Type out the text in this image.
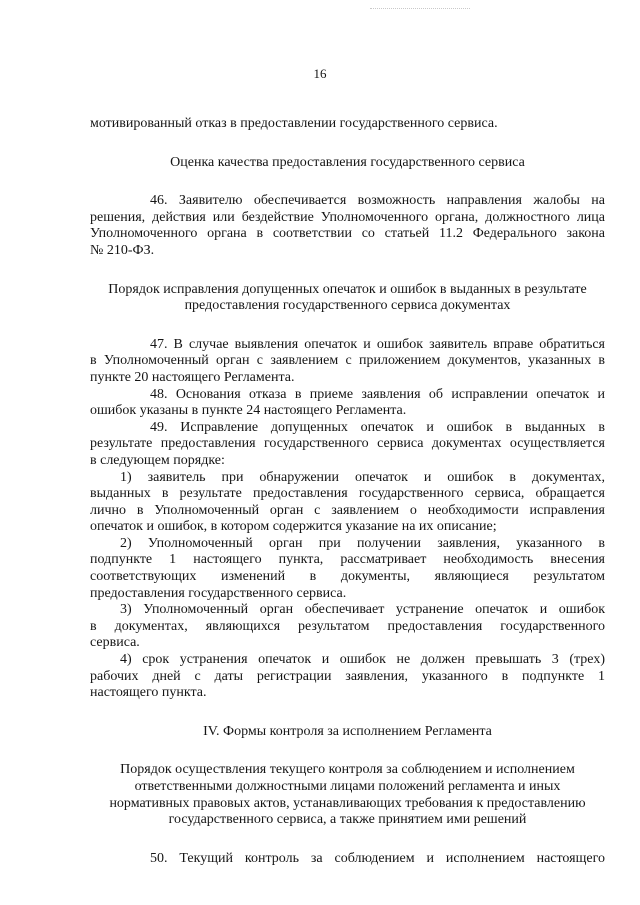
16

мотивированный отказ в предоставлении государственного сервиса.

Оценка качества предоставления государственного сервиса

46. Заявителю обеспечивается возможность направления жалобы на

решения, действия или бездействие Уполномоченного органа, должностного лица

Уполномоченного органа в соответствии со статьей 11.2 Федерального закона

№ 210-ФЗ.

Порядок исправления допущенных опечаток и ошибок в выданных в результате

предоставления государственного сервиса документах

47. В случае выявления опечаток и ошибок заявитель вправе обратиться

в Уполномоченный орган с заявлением с приложением документов, указанных в

пункте 20 настоящего Регламента.

48. Основания отказа в приеме заявления об исправлении опечаток и

ошибок указаны в пункте 24 настоящего Регламента.

49. Исправление допущенных опечаток и ошибок в выданных в

результате предоставления государственного сервиса документах осуществляется

в следующем порядке:

1) заявитель при обнаружении опечаток и ошибок в документах,

выданных в результате предоставления государственного сервиса, обращается

лично в Уполномоченный орган с заявлением о необходимости исправления

опечаток и ошибок, в котором содержится указание на их описание;

2) Уполномоченный орган при получении заявления, указанного в

подпункте 1 настоящего пункта, рассматривает необходимость внесения

соответствующих изменений в документы, являющиеся результатом

предоставления государственного сервиса.

3) Уполномоченный орган обеспечивает устранение опечаток и ошибок

в документах, являющихся результатом предоставления государственного

сервиса.

4) срок устранения опечаток и ошибок не должен превышать 3 (трех)

рабочих дней с даты регистрации заявления, указанного в подпункте 1

настоящего пункта.

IV. Формы контроля за исполнением Регламента

Порядок осуществления текущего контроля за соблюдением и исполнением

ответственными должностными лицами положений регламента и иных

нормативных правовых актов, устанавливающих требования к предоставлению

государственного сервиса, а также принятием ими решений

50. Текущий контроль за соблюдением и исполнением настоящего
